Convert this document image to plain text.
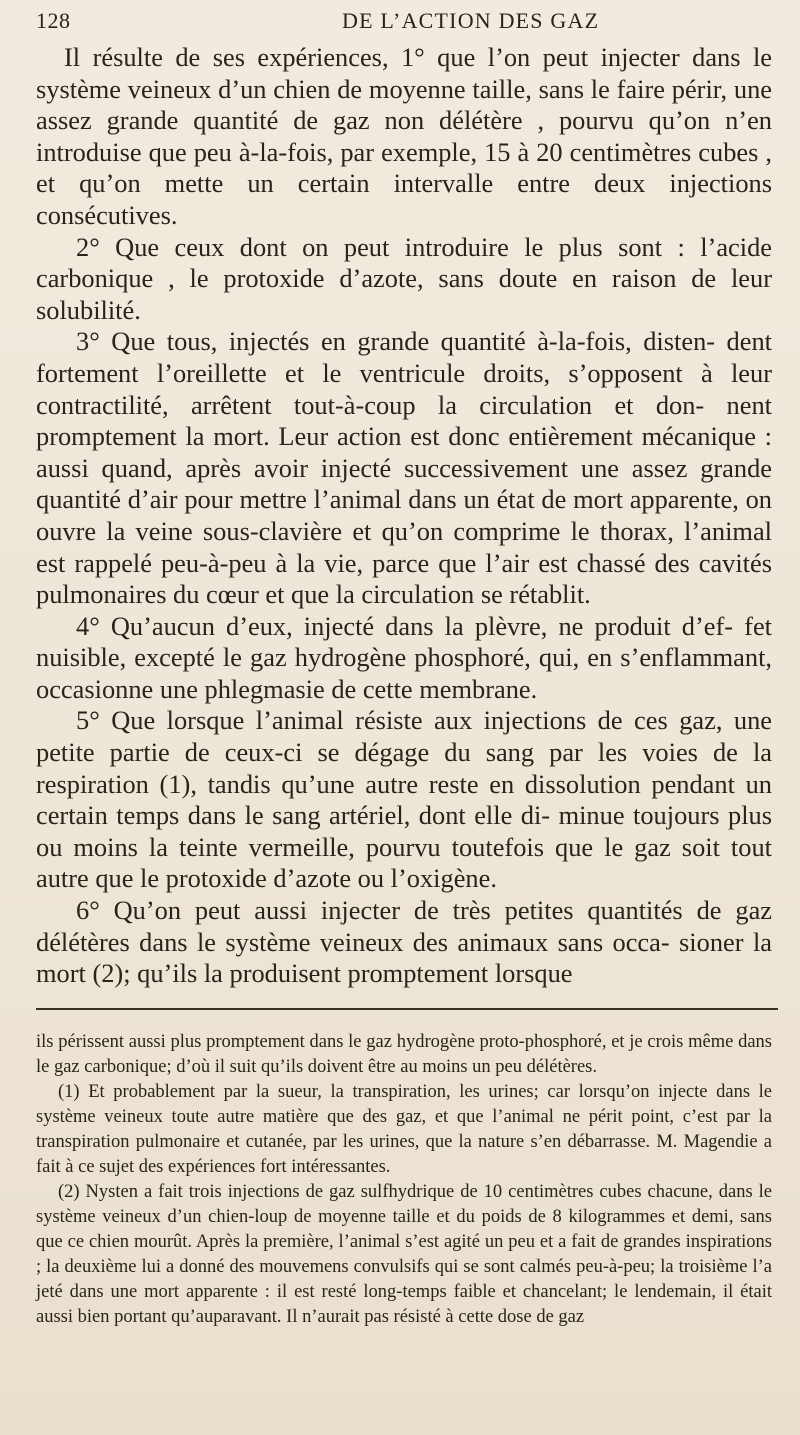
128	DE L’ACTION DES GAZ

Il résulte de ses expériences, 1° que l’on peut injecter dans le système veineux d’un chien de moyenne taille, sans le faire périr, une assez grande quantité de gaz non délétère , pourvu qu’on n’en introduise que peu à-la-fois, par exemple, 15 à 20 centimètres cubes , et qu’on mette un certain intervalle entre deux injections consécutives.

2° Que ceux dont on peut introduire le plus sont : l’acide carbonique , le protoxide d’azote, sans doute en raison de leur solubilité.

3° Que tous, injectés en grande quantité à-la-fois, disten- dent fortement l’oreillette et le ventricule droits, s’opposent à leur contractilité, arrêtent tout-à-coup la circulation et don- nent promptement la mort. Leur action est donc entièrement mécanique : aussi quand, après avoir injecté successivement une assez grande quantité d’air pour mettre l’animal dans un état de mort apparente, on ouvre la veine sous-clavière et qu’on comprime le thorax, l’animal est rappelé peu-à-peu à la vie, parce que l’air est chassé des cavités pulmonaires du cœur et que la circulation se rétablit.

4° Qu’aucun d’eux, injecté dans la plèvre, ne produit d’ef- fet nuisible, excepté le gaz hydrogène phosphoré, qui, en s’enflammant, occasionne une phlegmasie de cette membrane.

5° Que lorsque l’animal résiste aux injections de ces gaz, une petite partie de ceux-ci se dégage du sang par les voies de la respiration (1), tandis qu’une autre reste en dissolution pendant un certain temps dans le sang artériel, dont elle di- minue toujours plus ou moins la teinte vermeille, pourvu toutefois que le gaz soit tout autre que le protoxide d’azote ou l’oxigène.

6° Qu’on peut aussi injecter de très petites quantités de gaz délétères dans le système veineux des animaux sans occa- sioner la mort (2); qu’ils la produisent promptement lorsque

ils périssent aussi plus promptement dans le gaz hydrogène proto-phosphoré, et je crois même dans le gaz carbonique; d’où il suit qu’ils doivent être au moins un peu délétères.

(1) Et probablement par la sueur, la transpiration, les urines; car lorsqu’on injecte dans le système veineux toute autre matière que des gaz, et que l’animal ne périt point, c’est par la transpiration pulmonaire et cutanée, par les urines, que la nature s’en débarrasse. M. Magendie a fait à ce sujet des expériences fort intéressantes.

(2) Nysten a fait trois injections de gaz sulfhydrique de 10 centimètres cubes chacune, dans le système veineux d’un chien-loup de moyenne taille et du poids de 8 kilogrammes et demi, sans que ce chien mourût. Après la première, l’animal s’est agité un peu et a fait de grandes inspirations ; la deuxième lui a donné des mouvemens convulsifs qui se sont calmés peu-à-peu; la troisième l’a jeté dans une mort apparente : il est resté long-temps faible et chancelant; le lendemain, il était aussi bien portant qu’auparavant. Il n’aurait pas résisté à cette dose de gaz
